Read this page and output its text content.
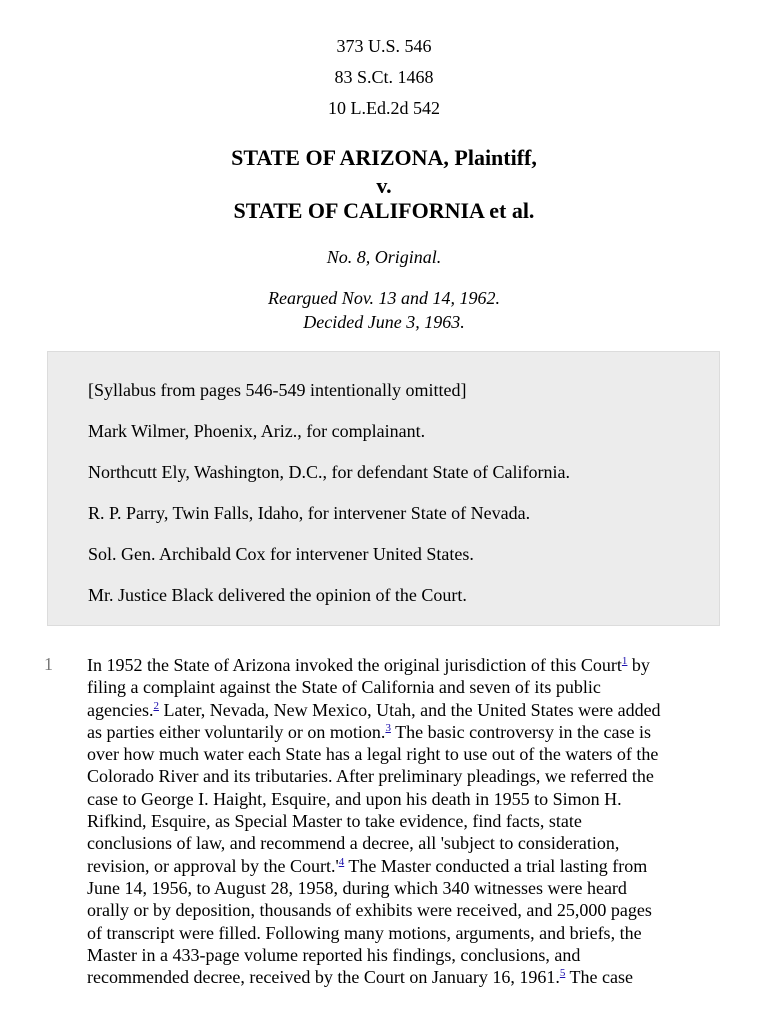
373 U.S. 546
83 S.Ct. 1468
10 L.Ed.2d 542
STATE OF ARIZONA, Plaintiff,
v.
STATE OF CALIFORNIA et al.
No. 8, Original.
Reargued Nov. 13 and 14, 1962.
Decided June 3, 1963.

[Syllabus from pages 546-549 intentionally omitted]

Mark Wilmer, Phoenix, Ariz., for complainant.

Northcutt Ely, Washington, D.C., for defendant State of California.

R. P. Parry, Twin Falls, Idaho, for intervener State of Nevada.

Sol. Gen. Archibald Cox for intervener United States.

Mr. Justice Black delivered the opinion of the Court.

1 In 1952 the State of Arizona invoked the original jurisdiction of this Court$^1$ by
filing a complaint against the State of California and seven of its public
agencies.$^2$ Later, Nevada, New Mexico, Utah, and the United States were added
as parties either voluntarily or on motion.$^3$ The basic controversy in the case is
over how much water each State has a legal right to use out of the waters of the
Colorado River and its tributaries. After preliminary pleadings, we referred the
case to George I. Haight, Esquire, and upon his death in 1955 to Simon H.
Rifkind, Esquire, as Special Master to take evidence, find facts, state
conclusions of law, and recommend a decree, all 'subject to consideration,
revision, or approval by the Court.'$^4$ The Master conducted a trial lasting from
June 14, 1956, to August 28, 1958, during which 340 witnesses were heard
orally or by deposition, thousands of exhibits were received, and 25,000 pages
of transcript were filled. Following many motions, arguments, and briefs, the
Master in a 433-page volume reported his findings, conclusions, and
recommended decree, received by the Court on January 16, 1961.$^5$ The case
